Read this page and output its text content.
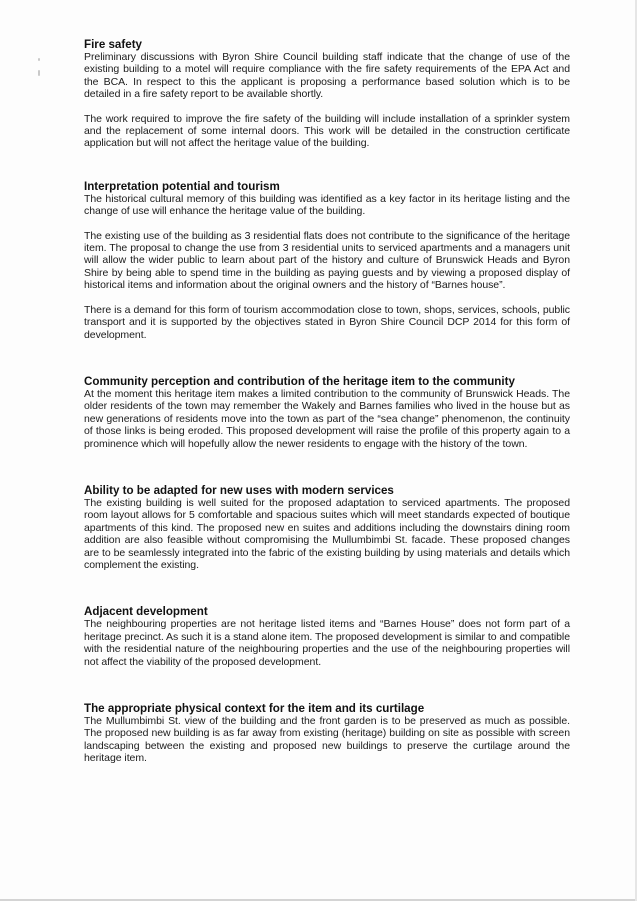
Fire safety

Preliminary discussions with Byron Shire Council building staff indicate that the change of use of the existing building to a motel will require compliance with the fire safety requirements of the EPA Act and the BCA. In respect to this the applicant is proposing a performance based solution which is to be detailed in a fire safety report to be available shortly.

The work required to improve the fire safety of the building will include installation of a sprinkler system and the replacement of some internal doors. This work will be detailed in the construction certificate application but will not affect the heritage value of the building.

Interpretation potential and tourism

The historical cultural memory of this building was identified as a key factor in its heritage listing and the change of use will enhance the heritage value of the building.

The existing use of the building as 3 residential flats does not contribute to the significance of the heritage item. The proposal to change the use from 3 residential units to serviced apartments and a managers unit will allow the wider public to learn about part of the history and culture of Brunswick Heads and Byron Shire by being able to spend time in the building as paying guests and by viewing a proposed display of historical items and information about the original owners and the history of “Barnes house”.

There is a demand for this form of tourism accommodation close to town, shops, services, schools, public transport and it is supported by the objectives stated in Byron Shire Council DCP 2014 for this form of development.

Community perception and contribution of the heritage item to the community

At the moment this heritage item makes a limited contribution to the community of Brunswick Heads. The older residents of the town may remember the Wakely and Barnes families who lived in the house but as new generations of residents move into the town as part of the “sea change” phenomenon, the continuity of those links is being eroded. This proposed development will raise the profile of this property again to a prominence which will hopefully allow the newer residents to engage with the history of the town.

Ability to be adapted for new uses with modern services

The existing building is well suited for the proposed adaptation to serviced apartments. The proposed room layout allows for 5 comfortable and spacious suites which will meet standards expected of boutique apartments of this kind. The proposed new en suites and additions including the downstairs dining room addition are also feasible without compromising the Mullumbimbi St. facade. These proposed changes are to be seamlessly integrated into the fabric of the existing building by using materials and details which complement the existing.

Adjacent development

The neighbouring properties are not heritage listed items and “Barnes House” does not form part of a heritage precinct. As such it is a stand alone item. The proposed development is similar to and compatible with the residential nature of the neighbouring properties and the use of the neighbouring properties will not affect the viability of the proposed development.

The appropriate physical context for the item and its curtilage

The Mullumbimbi St. view of the building and the front garden is to be preserved as much as possible. The proposed new building is as far away from existing (heritage) building on site as possible with screen landscaping between the existing and proposed new buildings to preserve the curtilage around the heritage item.
